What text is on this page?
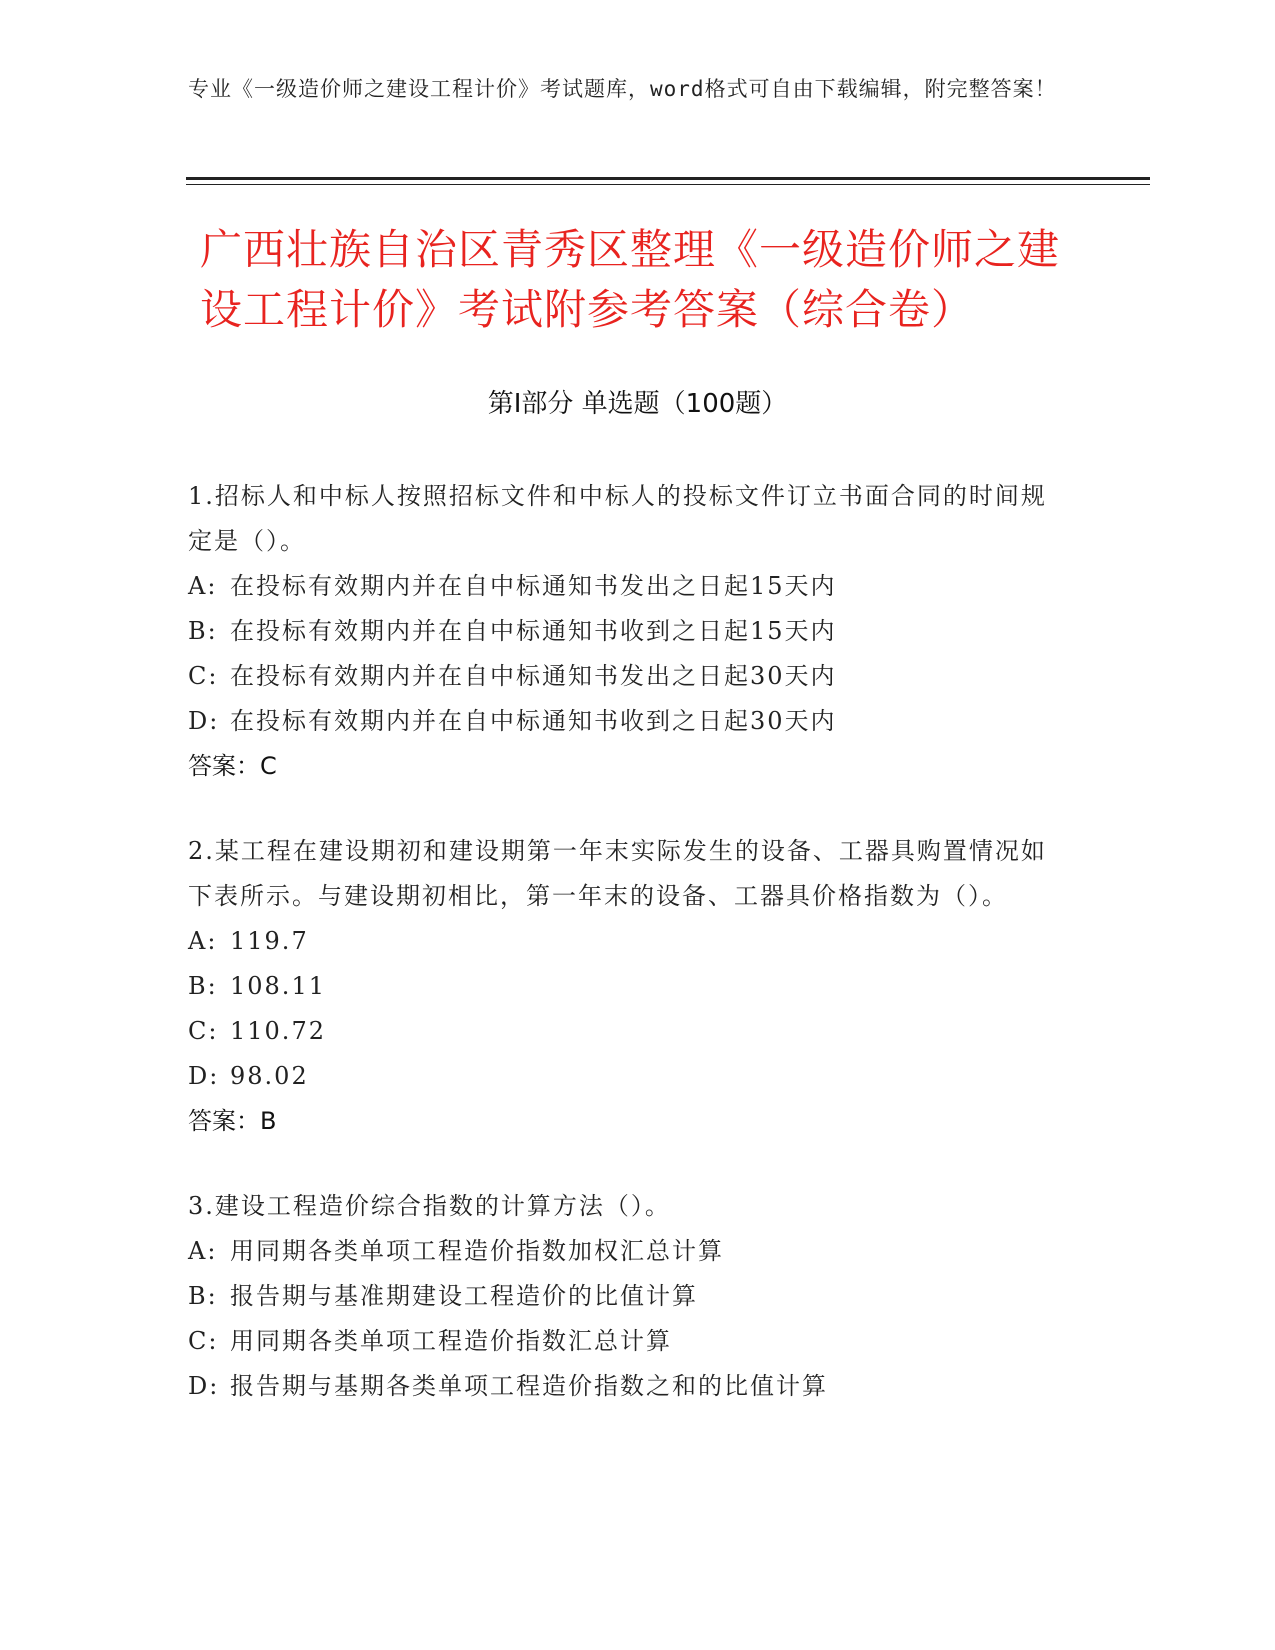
专业《一级造价师之建设工程计价》考试题库，word格式可自由下载编辑，附完整答案！
广西壮族自治区青秀区整理《一级造价师之建设工程计价》考试附参考答案（综合卷）
第Ⅰ部分 单选题（100题）
1.招标人和中标人按照招标文件和中标人的投标文件订立书面合同的时间规定是（）。
A: 在投标有效期内并在自中标通知书发出之日起15天内
B: 在投标有效期内并在自中标通知书收到之日起15天内
C: 在投标有效期内并在自中标通知书发出之日起30天内
D: 在投标有效期内并在自中标通知书收到之日起30天内
答案：C
2.某工程在建设期初和建设期第一年末实际发生的设备、工器具购置情况如下表所示。与建设期初相比，第一年末的设备、工器具价格指数为（）。
A: 119.7
B: 108.11
C: 110.72
D: 98.02
答案：B
3.建设工程造价综合指数的计算方法（）。
A: 用同期各类单项工程造价指数加权汇总计算
B: 报告期与基准期建设工程造价的比值计算
C: 用同期各类单项工程造价指数汇总计算
D: 报告期与基期各类单项工程造价指数之和的比值计算
